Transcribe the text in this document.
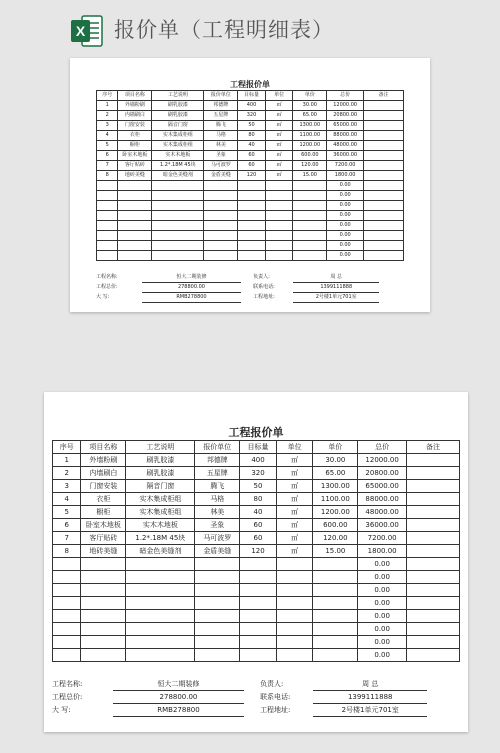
X 报价单（工程明细表）
工程报价单
序号	项目名称	工艺说明	报价单位	目标量	单位	单价	总价	备注
1	外墙粉刷	刷乳胶漆	邦德牌	400	㎡	30.00	12000.00	
2	内墙刷白	刷乳胶漆	五星牌	320	㎡	65.00	20800.00	
3	门窗安装	隔音门窗	腾飞	50	㎡	1300.00	65000.00	
4	衣柜	实木集成柜组	马格	80	㎡	1100.00	88000.00	
5	橱柜	实木集成柜组	林美	40	㎡	1200.00	48000.00	
6	卧室木地板	实木木地板	圣象	60	㎡	600.00	36000.00	
7	客厅贴砖	1.2*.18M 45块	马可波罗	60	㎡	120.00	7200.00	
8	地砖美缝	暗金色美缝剂	金盾美缝	120	㎡	15.00	1800.00	
							0.00	
							0.00	
							0.00	
							0.00	
							0.00	
							0.00	
							0.00	
							0.00	
工程名称:	恒大二期装修	负责人:		周 总	
工程总价:	278800.00	联系电话:		1399111888	
大 写:	RMB278800	工程地址:		2号楼1单元701室	
工程报价单
序号	项目名称	工艺说明	报价单位	目标量	单位	单价	总价	备注
1	外墙粉刷	刷乳胶漆	邦德牌	400	㎡	30.00	12000.00	
2	内墙刷白	刷乳胶漆	五星牌	320	㎡	65.00	20800.00	
3	门窗安装	隔音门窗	腾飞	50	㎡	1300.00	65000.00	
4	衣柜	实木集成柜组	马格	80	㎡	1100.00	88000.00	
5	橱柜	实木集成柜组	林美	40	㎡	1200.00	48000.00	
6	卧室木地板	实木木地板	圣象	60	㎡	600.00	36000.00	
7	客厅贴砖	1.2*.18M 45块	马可波罗	60	㎡	120.00	7200.00	
8	地砖美缝	暗金色美缝剂	金盾美缝	120	㎡	15.00	1800.00	
							0.00	
							0.00	
							0.00	
							0.00	
							0.00	
							0.00	
							0.00	
							0.00	
工程名称:	恒大二期装修	负责人:		周 总	
工程总价:	278800.00	联系电话:		1399111888	
大 写:	RMB278800	工程地址:		2号楼1单元701室	
